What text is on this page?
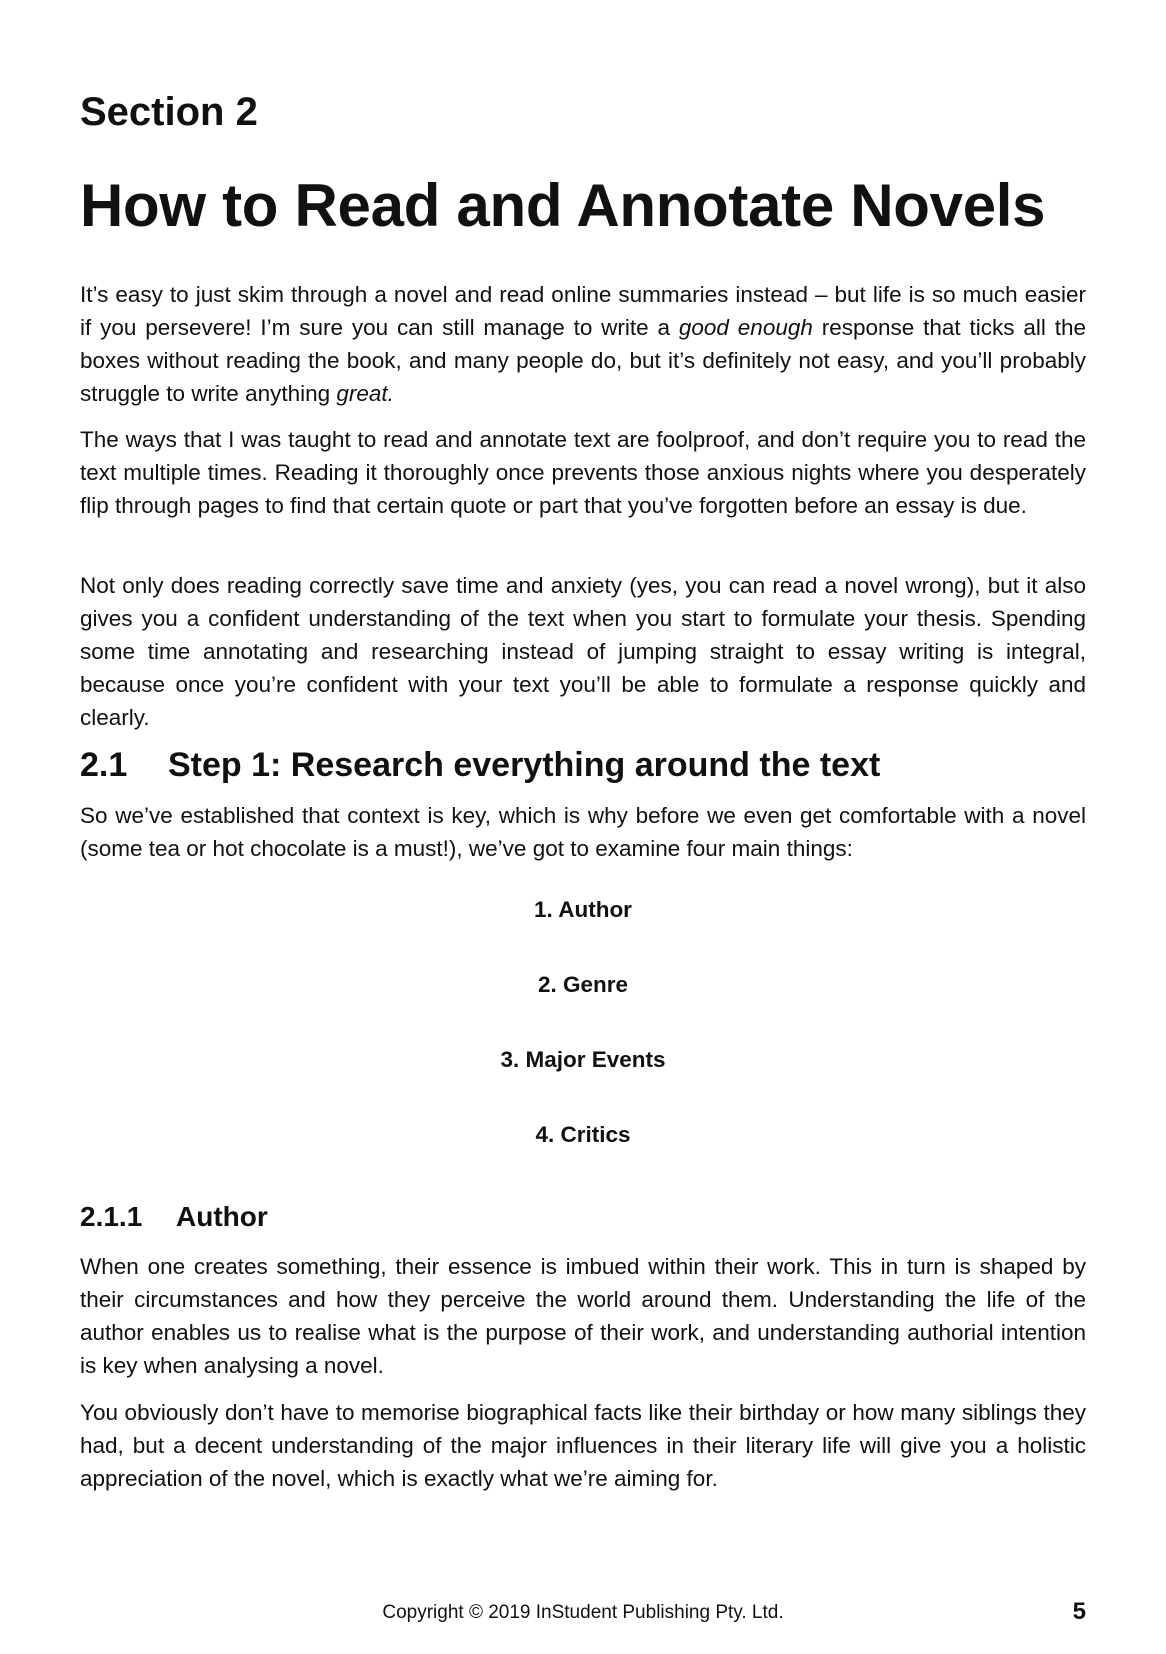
Section 2
How to Read and Annotate Novels

It’s easy to just skim through a novel and read online summaries instead – but life is so much easier if you persevere! I’m sure you can still manage to write a good enough response that ticks all the boxes without reading the book, and many people do, but it’s definitely not easy, and you’ll probably struggle to write anything great.

The ways that I was taught to read and annotate text are foolproof, and don’t require you to read the text multiple times. Reading it thoroughly once prevents those anxious nights where you desperately flip through pages to find that certain quote or part that you’ve forgotten before an essay is due.

Not only does reading correctly save time and anxiety (yes, you can read a novel wrong), but it also gives you a confident understanding of the text when you start to formulate your thesis. Spending some time annotating and researching instead of jumping straight to essay writing is integral, because once you’re confident with your text you’ll be able to formulate a response quickly and clearly.

2.1 Step 1: Research everything around the text

So we’ve established that context is key, which is why before we even get comfortable with a novel (some tea or hot chocolate is a must!), we’ve got to examine four main things:

1. Author
2. Genre
3. Major Events
4. Critics
2.1.1 Author

When one creates something, their essence is imbued within their work. This in turn is shaped by their circumstances and how they perceive the world around them. Understanding the life of the author enables us to realise what is the purpose of their work, and understanding authorial intention is key when analysing a novel.

You obviously don’t have to memorise biographical facts like their birthday or how many siblings they had, but a decent understanding of the major influences in their literary life will give you a holistic appreciation of the novel, which is exactly what we’re aiming for.

Copyright © 2019 InStudent Publishing Pty. Ltd.	5
